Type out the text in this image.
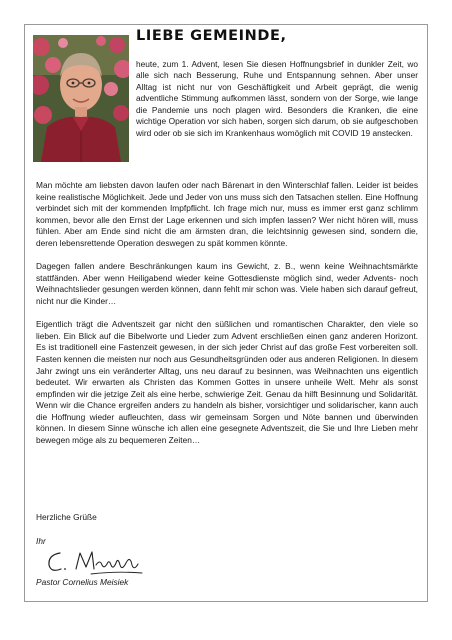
LIEBE GEMEINDE,

heute, zum 1. Advent, lesen Sie diesen Hoffnungsbrief in dunkler Zeit, wo alle sich nach Besserung, Ruhe und Entspannung sehnen. Aber unser Alltag ist nicht nur von Geschäftigkeit und Arbeit geprägt, die wenig adventliche Stimmung aufkommen lässt, sondern von der Sorge, wie lange die Pandemie uns noch plagen wird. Besonders die Kranken, die eine wichtige Operation vor sich haben, sorgen sich darum, ob sie aufgeschoben wird oder ob sie sich im Krankenhaus womöglich mit COVID 19 anstecken.

Man möchte am liebsten davon laufen oder nach Bärenart in den Winterschlaf fallen. Leider ist beides keine realistische Möglichkeit. Jede und Jeder von uns muss sich den Tatsachen stellen. Eine Hoffnung verbindet sich mit der kommenden Impfpflicht. Ich frage mich nur, muss es immer erst ganz schlimm kommen, bevor alle den Ernst der Lage erkennen und sich impfen lassen? Wer nicht hören will, muss fühlen. Aber am Ende sind nicht die am ärmsten dran, die leichtsinnig gewesen sind, sondern die, deren lebensrettende Operation deswegen zu spät kommen könnte.

Dagegen fallen andere Beschränkungen kaum ins Gewicht, z. B., wenn keine Weihnachtsmärkte stattfänden. Aber wenn Heiligabend wieder keine Gottesdienste möglich sind, weder Advents- noch Weihnachtslieder gesungen werden können, dann fehlt mir schon was. Viele haben sich darauf gefreut, nicht nur die Kinder…

Eigentlich trägt die Adventszeit gar nicht den süßlichen und romantischen Charakter, den viele so lieben. Ein Blick auf die Bibelworte und Lieder zum Advent erschließen einen ganz anderen Horizont. Es ist traditionell eine Fastenzeit gewesen, in der sich jeder Christ auf das große Fest vorbereiten soll. Fasten kennen die meisten nur noch aus Gesundheitsgründen oder aus anderen Religionen. In diesem Jahr zwingt uns ein veränderter Alltag, uns neu darauf zu besinnen, was Weihnachten uns eigentlich bedeutet. Wir erwarten als Christen das Kommen Gottes in unsere unheile Welt. Mehr als sonst empfinden wir die jetzige Zeit als eine herbe, schwierige Zeit. Genau da hilft Besinnung und Solidarität. Wenn wir die Chance ergreifen anders zu handeln als bisher, vorsichtiger und solidarischer, kann auch die Hoffnung wieder aufleuchten, dass wir gemeinsam Sorgen und Nöte bannen und überwinden können. In diesem Sinne wünsche ich allen eine gesegnete Adventszeit, die Sie und Ihre Lieben mehr bewegen möge als zu bequemeren Zeiten…

Herzliche Grüße

Ihr

Pastor Cornelius Meisiek
